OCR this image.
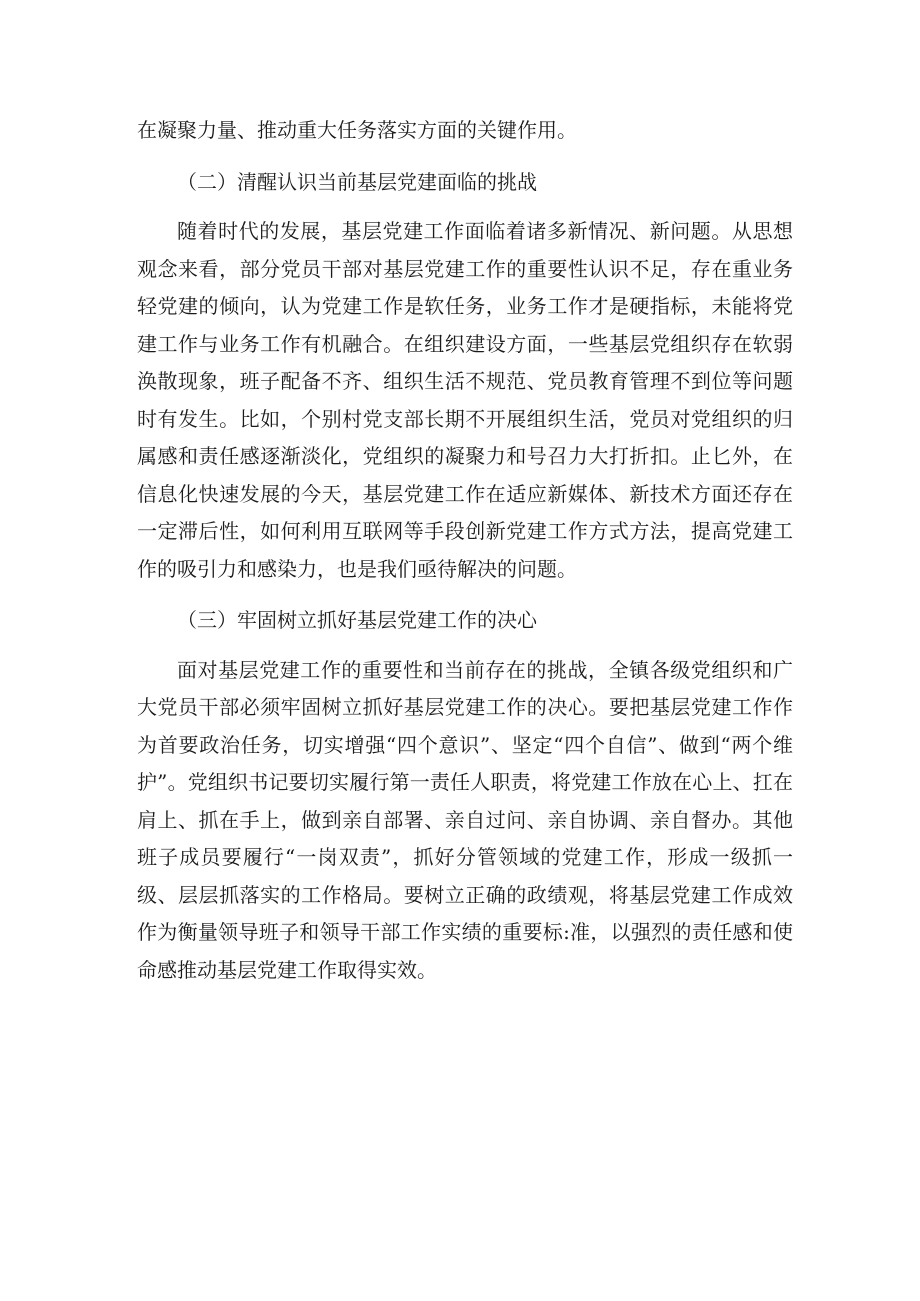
在凝聚力量、推动重大任务落实方面的关键作用。

（二）清醒认识当前基层党建面临的挑战

随着时代的发展，基层党建工作面临着诸多新情况、新问题。从思想观念来看，部分党员干部对基层党建工作的重要性认识不足，存在重业务轻党建的倾向，认为党建工作是软任务，业务工作才是硬指标，未能将党建工作与业务工作有机融合。在组织建设方面，一些基层党组织存在软弱涣散现象，班子配备不齐、组织生活不规范、党员教育管理不到位等问题时有发生。比如，个别村党支部长期不开展组织生活，党员对党组织的归属感和责任感逐渐淡化，党组织的凝聚力和号召力大打折扣。止匕外，在信息化快速发展的今天，基层党建工作在适应新媒体、新技术方面还存在一定滞后性，如何利用互联网等手段创新党建工作方式方法，提高党建工作的吸引力和感染力，也是我们亟待解决的问题。

（三）牢固树立抓好基层党建工作的决心

面对基层党建工作的重要性和当前存在的挑战，全镇各级党组织和广大党员干部必须牢固树立抓好基层党建工作的决心。要把基层党建工作作为首要政治任务，切实增强“四个意识”、坚定“四个自信”、做到“两个维护”。党组织书记要切实履行第一责任人职责，将党建工作放在心上、扛在肩上、抓在手上，做到亲自部署、亲自过问、亲自协调、亲自督办。其他班子成员要履行“一岗双责”，抓好分管领域的党建工作，形成一级抓一级、层层抓落实的工作格局。要树立正确的政绩观，将基层党建工作成效作为衡量领导班子和领导干部工作实绩的重要标:准，以强烈的责任感和使命感推动基层党建工作取得实效。
